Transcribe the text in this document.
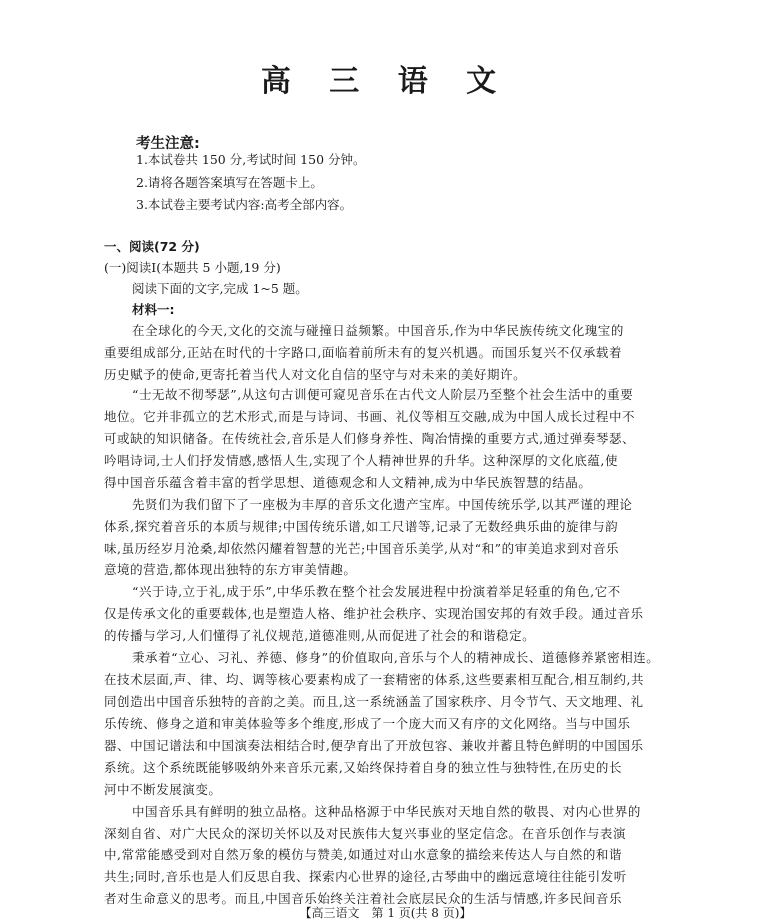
高 三 语 文
考生注意:
1.本试卷共 150 分,考试时间 150 分钟。
2.请将各题答案填写在答题卡上。
3.本试卷主要考试内容:高考全部内容。
一、阅读(72 分)
(一)阅读Ⅰ(本题共 5 小题,19 分)
阅读下面的文字,完成 1~5 题。
材料一:
在全球化的今天,文化的交流与碰撞日益频繁。中国音乐,作为中华民族传统文化瑰宝的
重要组成部分,正站在时代的十字路口,面临着前所未有的复兴机遇。而国乐复兴不仅承载着
历史赋予的使命,更寄托着当代人对文化自信的坚守与对未来的美好期许。
“士无故不彻琴瑟”,从这句古训便可窥见音乐在古代文人阶层乃至整个社会生活中的重要
地位。它并非孤立的艺术形式,而是与诗词、书画、礼仪等相互交融,成为中国人成长过程中不
可或缺的知识储备。在传统社会,音乐是人们修身养性、陶冶情操的重要方式,通过弹奏琴瑟、
吟唱诗词,士人们抒发情感,感悟人生,实现了个人精神世界的升华。这种深厚的文化底蕴,使
得中国音乐蕴含着丰富的哲学思想、道德观念和人文精神,成为中华民族智慧的结晶。
先贤们为我们留下了一座极为丰厚的音乐文化遗产宝库。中国传统乐学,以其严谨的理论
体系,探究着音乐的本质与规律;中国传统乐谱,如工尺谱等,记录了无数经典乐曲的旋律与韵
味,虽历经岁月沧桑,却依然闪耀着智慧的光芒;中国音乐美学,从对“和”的审美追求到对音乐
意境的营造,都体现出独特的东方审美情趣。
“兴于诗,立于礼,成于乐”,中华乐教在整个社会发展进程中扮演着举足轻重的角色,它不
仅是传承文化的重要载体,也是塑造人格、维护社会秩序、实现治国安邦的有效手段。通过音乐
的传播与学习,人们懂得了礼仪规范,道德准则,从而促进了社会的和谐稳定。
秉承着“立心、习礼、养德、修身”的价值取向,音乐与个人的精神成长、道德修养紧密相连。
在技术层面,声、律、均、调等核心要素构成了一套精密的体系,这些要素相互配合,相互制约,共
同创造出中国音乐独特的音韵之美。而且,这一系统涵盖了国家秩序、月令节气、天文地理、礼
乐传统、修身之道和审美体验等多个维度,形成了一个庞大而又有序的文化网络。当与中国乐
器、中国记谱法和中国演奏法相结合时,便孕育出了开放包容、兼收并蓄且特色鲜明的中国国乐
系统。这个系统既能够吸纳外来音乐元素,又始终保持着自身的独立性与独特性,在历史的长
河中不断发展演变。
中国音乐具有鲜明的独立品格。这种品格源于中华民族对天地自然的敬畏、对内心世界的
深刻自省、对广大民众的深切关怀以及对民族伟大复兴事业的坚定信念。在音乐创作与表演
中,常常能感受到对自然万象的模仿与赞美,如通过对山水意象的描绘来传达人与自然的和谐
共生;同时,音乐也是人们反思自我、探索内心世界的途径,古琴曲中的幽远意境往往能引发听
者对生命意义的思考。而且,中国音乐始终关注着社会底层民众的生活与情感,许多民间音乐
【高三语文　第 1 页(共 8 页)】
